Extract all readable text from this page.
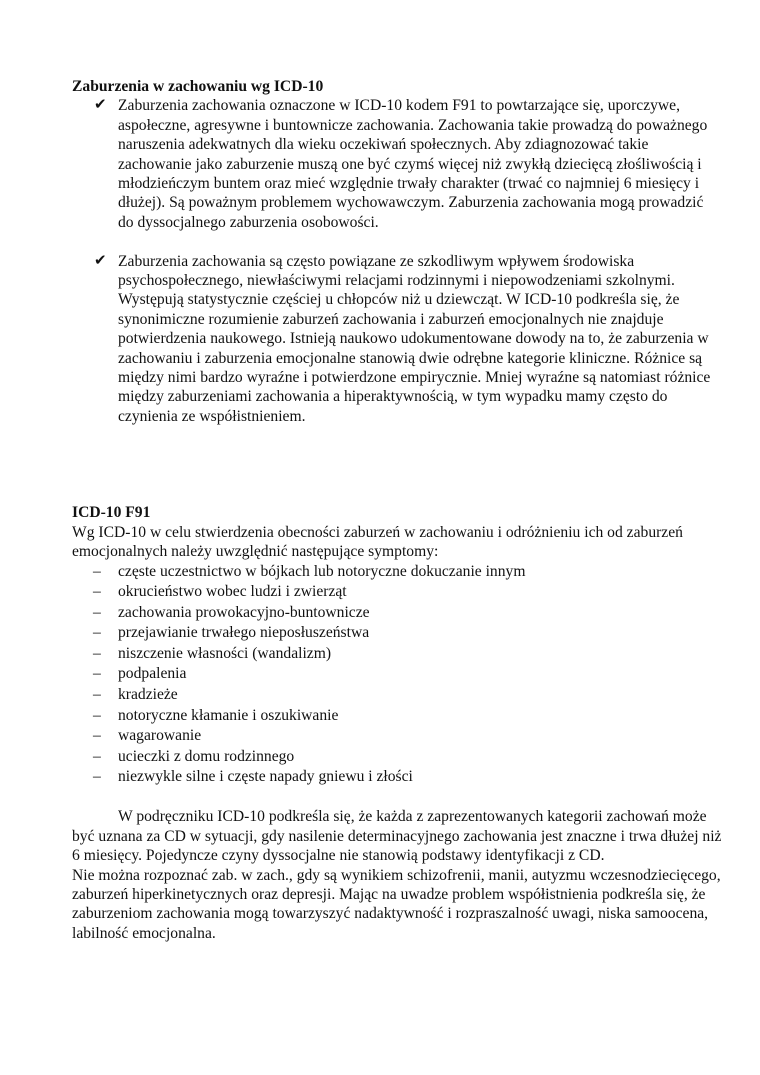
Zaburzenia w zachowaniu wg ICD-10
✔ Zaburzenia zachowania oznaczone w ICD-10 kodem F91 to powtarzające się, uporczywe, aspołeczne, agresywne i buntownicze zachowania. Zachowania takie prowadzą do poważnego naruszenia adekwatnych dla wieku oczekiwań społecznych. Aby zdiagnozować takie zachowanie jako zaburzenie muszą one być czymś więcej niż zwykłą dziecięcą złośliwością i młodzieńczym buntem oraz mieć względnie trwały charakter (trwać co najmniej 6 miesięcy i dłużej). Są poważnym problemem wychowawczym. Zaburzenia zachowania mogą prowadzić do dyssocjalnego zaburzenia osobowości.
✔ Zaburzenia zachowania są często powiązane ze szkodliwym wpływem środowiska psychospołecznego, niewłaściwymi relacjami rodzinnymi i niepowodzeniami szkolnymi. Występują statystycznie częściej u chłopców niż u dziewcząt. W ICD-10 podkreśla się, że synonimiczne rozumienie zaburzeń zachowania i zaburzeń emocjonalnych nie znajduje potwierdzenia naukowego. Istnieją naukowo udokumentowane dowody na to, że zaburzenia w zachowaniu i zaburzenia emocjonalne stanowią dwie odrębne kategorie kliniczne. Różnice są między nimi bardzo wyraźne i potwierdzone empirycznie. Mniej wyraźne są natomiast różnice między zaburzeniami zachowania a hiperaktywnością, w tym wypadku mamy często do czynienia ze współistnieniem.
ICD-10 F91

Wg ICD-10 w celu stwierdzenia obecności zaburzeń w zachowaniu i odróżnieniu ich od zaburzeń emocjonalnych należy uwzględnić następujące symptomy:

– częste uczestnictwo w bójkach lub notoryczne dokuczanie innym
– okrucieństwo wobec ludzi i zwierząt
– zachowania prowokacyjno-buntownicze
– przejawianie trwałego nieposłuszeństwa
– niszczenie własności (wandalizm)
– podpalenia
– kradzieże
– notoryczne kłamanie i oszukiwanie
– wagarowanie
– ucieczki z domu rodzinnego
– niezwykle silne i częste napady gniewu i złości

W podręczniku ICD-10 podkreśla się, że każda z zaprezentowanych kategorii zachowań może być uznana za CD w sytuacji, gdy nasilenie determinacyjnego zachowania jest znaczne i trwa dłużej niż 6 miesięcy. Pojedyncze czyny dyssocjalne nie stanowią podstawy identyfikacji z CD.

Nie można rozpoznać zab. w zach., gdy są wynikiem schizofrenii, manii, autyzmu wczesnodziecięcego, zaburzeń hiperkinetycznych oraz depresji. Mając na uwadze problem współistnienia podkreśla się, że zaburzeniom zachowania mogą towarzyszyć nadaktywność i rozpraszalność uwagi, niska samoocena, labilność emocjonalna.
